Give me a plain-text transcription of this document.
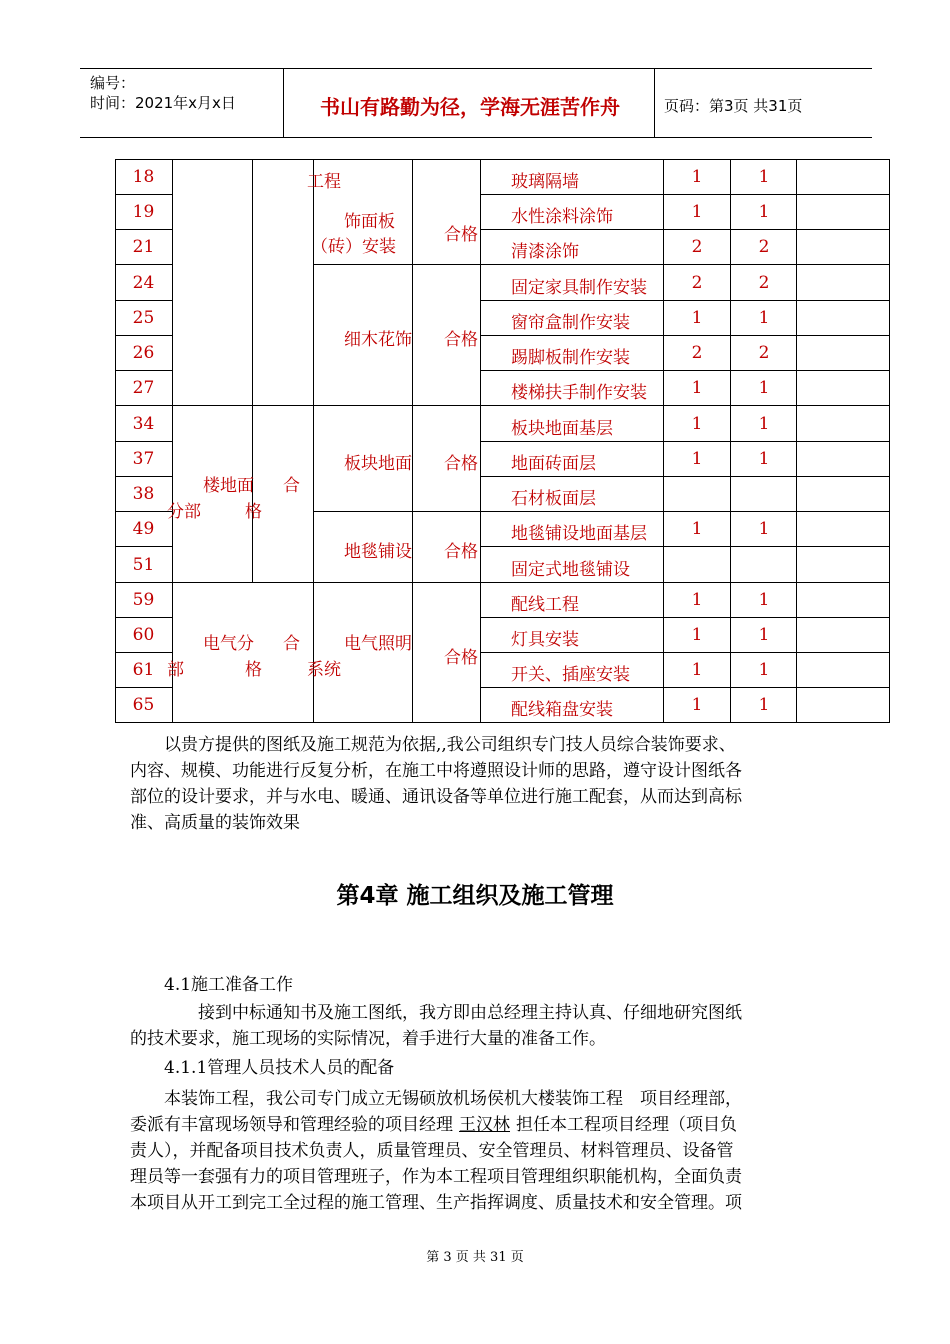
编号：
时间：2021年x月x日	书山有路勤为径，学海无涯苦作舟	页码：第3页 共31页
18
19
21
24
25
26
27
34
37
38
49
51
59
60
61
65
玻璃隔墙
水性涂料涂饰
清漆涂饰
固定家具制作安装
窗帘盒制作安装
踢脚板制作安装
楼梯扶手制作安装
板块地面基层
地面砖面层
石材板面层
地毯铺设地面基层
固定式地毯铺设
配线工程
灯具安装
开关、插座安装
配线箱盘安装
1
1
2
2
1
2
1
1
1
1
1
1
1
1
1
1
2
2
1
2
1
1
1
1
1
1
1
1
工程
饰面板
（砖）安装
合格
细木花饰 合格
楼地面
分部
合
格
板块地面 合格
地毯铺设 合格
电气分
部
合
格
电气照明
系统
合格
以贵方提供的图纸及施工规范为依据,,我公司组织专门技人员综合装饰要求、
内容、规模、功能进行反复分析，在施工中将遵照设计师的思路，遵守设计图纸各
部位的设计要求，并与水电、暖通、通讯设备等单位进行施工配套，从而达到高标
准、高质量的装饰效果
第4章 施工组织及施工管理
4.1施工准备工作
接到中标通知书及施工图纸，我方即由总经理主持认真、仔细地研究图纸
的技术要求，施工现场的实际情况，着手进行大量的准备工作。
4.1.1管理人员技术人员的配备
本装饰工程，我公司专门成立无锡硕放机场侯机大楼装饰工程　项目经理部，
委派有丰富现场领导和管理经验的项目经理 王汉林 担任本工程项目经理（项目负
责人），并配备项目技术负责人，质量管理员、安全管理员、材料管理员、设备管
理员等一套强有力的项目管理班子，作为本工程项目管理组织职能机构，全面负责
本项目从开工到完工全过程的施工管理、生产指挥调度、质量技术和安全管理。项
第 3 页 共 31 页
